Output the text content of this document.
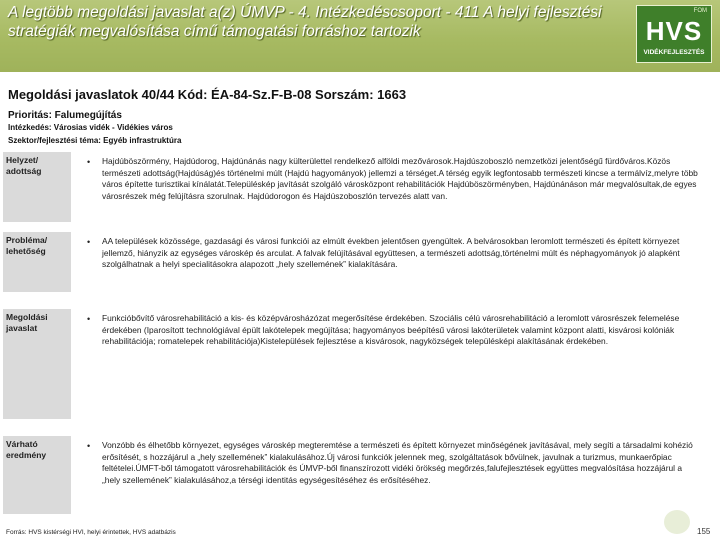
A legtöbb megoldási javaslat a(z) ÚMVP - 4. Intézkedéscsoport - 411 A helyi fejlesztési stratégiák megvalósítása című támogatási forráshoz tartozik
FOM
HVS
VIDÉKFEJLESZTÉS
Megoldási javaslatok 40/44 Kód: ÉA-84-Sz.F-B-08 Sorszám: 1663
Prioritás: Falumegújítás
Intézkedés: Városias vidék - Vidékies város
Szektor/fejlesztési téma: Egyéb infrastruktúra
Helyzet/ adottság
• Hajdúböszörmény, Hajdúdorog, Hajdúnánás nagy külterülettel rendelkező alföldi mezővárosok.Hajdúszoboszló nemzetközi jelentőségű fürdőváros.Közös természeti adottság(Hajdúság)és történelmi múlt (Hajdú hagyományok) jellemzi a térséget.A térség egyik legfontosabb természeti kincse a termálvíz,melyre több város építette turisztikai kínálatát.Településkép javítását szolgáló városközpont rehabilitációk Hajdúböszörményben, Hajdúnánáson már megvalósultak,de egyes városrészek még felújításra szorulnak. Hajdúdorogon és Hajdúszoboszlón tervezés alatt van.
Probléma/ lehetőség
• AA települések közössége, gazdasági és városi funkciói az elmúlt években jelentősen gyengültek. A belvárosokban leromlott természeti és épített környezet jellemző, hiányzik az egységes városkép és arculat. A falvak felújításával együttesen, a természeti adottság,történelmi múlt és néphagyományok jó alapként szolgálhatnak a helyi specialitásokra alapozott „hely szellemének” kialakítására.
Megoldási javaslat
• Funkcióbővítő városrehabilitáció a kis- és középvárosházózat megerősítése érdekében. Szociális célú városrehabilitáció a leromlott városrészek felemelése érdekében (Iparosított technológiával épült lakótelepek megújítása; hagyományos beépítésű városi lakóterületek valamint központ alatti, kisvárosi kolóniák rehabilitációja; romatelepek rehabilitációja)Kistelepülések fejlesztése a kisvárosok, nagyközségek településképi alakításának érdekében.
Várható eredmény
• Vonzóbb és élhetőbb környezet, egységes városkép megteremtése a természeti és épített környezet minőségének javításával, mely segíti a társadalmi kohézió erősítését, s hozzájárul a „hely szellemének” kialakulásához.Új városi funkciók jelennek meg, szolgáltatások bővülnek, javulnak a turizmus, munkaerőpiac feltételei.ÚMFT-ből támogatott városrehabilitációk és ÚMVP-ből finanszírozott vidéki örökség megőrzés,falufejlesztések együttes megvalósítása hozzájárul a „hely szellemének” kialakulásához,a térségi identitás egységesítéséhez és erősítéséhez.
Forrás: HVS kistérségi HVI, helyi érintettek, HVS adatbázis	155
